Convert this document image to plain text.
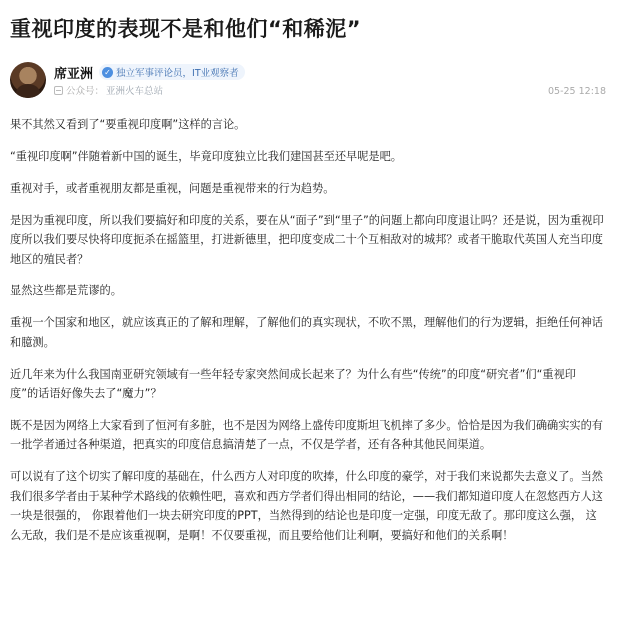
重视印度的表现不是和他们“和稀泥”
席亚洲 ✓ 独立军事评论员，IT业观察者
公众号： 亚洲火车总站	05-25 12:18

果不其然又看到了“要重视印度啊”这样的言论。

“重视印度啊”伴随着新中国的诞生，毕竟印度独立比我们建国甚至还早呢是吧。

重视对手，或者重视朋友都是重视，问题是重视带来的行为趋势。

是因为重视印度，所以我们要搞好和印度的关系，要在从“面子”到“里子”的问题上都向印度退让吗？还是说，因为重视印度所以我们要尽快将印度扼杀在摇篮里，打进新德里，把印度变成二十个互相敌对的城邦？或者干脆取代英国人充当印度地区的殖民者？

显然这些都是荒谬的。

重视一个国家和地区，就应该真正的了解和理解，了解他们的真实现状，不吹不黑，理解他们的行为逻辑，拒绝任何神话和臆测。

近几年来为什么我国南亚研究领域有一些年轻专家突然间成长起来了？为什么有些“传统”的印度“研究者”们“重视印度”的话语好像失去了“魔力”？

既不是因为网络上大家看到了恒河有多脏，也不是因为网络上盛传印度斯坦飞机摔了多少。恰恰是因为我们确确实实的有一批学者通过各种渠道，把真实的印度信息搞清楚了一点，不仅是学者，还有各种其他民间渠道。

可以说有了这个切实了解印度的基础在，什么西方人对印度的吹捧，什么印度的豪学，对于我们来说都失去意义了。当然我们很多学者由于某种学术路线的依赖性吧，喜欢和西方学者们得出相同的结论，——我们都知道印度人在忽悠西方人这一块是很强的， 你跟着他们一块去研究印度的PPT，当然得到的结论也是印度一定强，印度无敌了。那印度这么强， 这么无敌，我们是不是应该重视啊，是啊！不仅要重视，而且要给他们让利啊，要搞好和他们的关系啊！
